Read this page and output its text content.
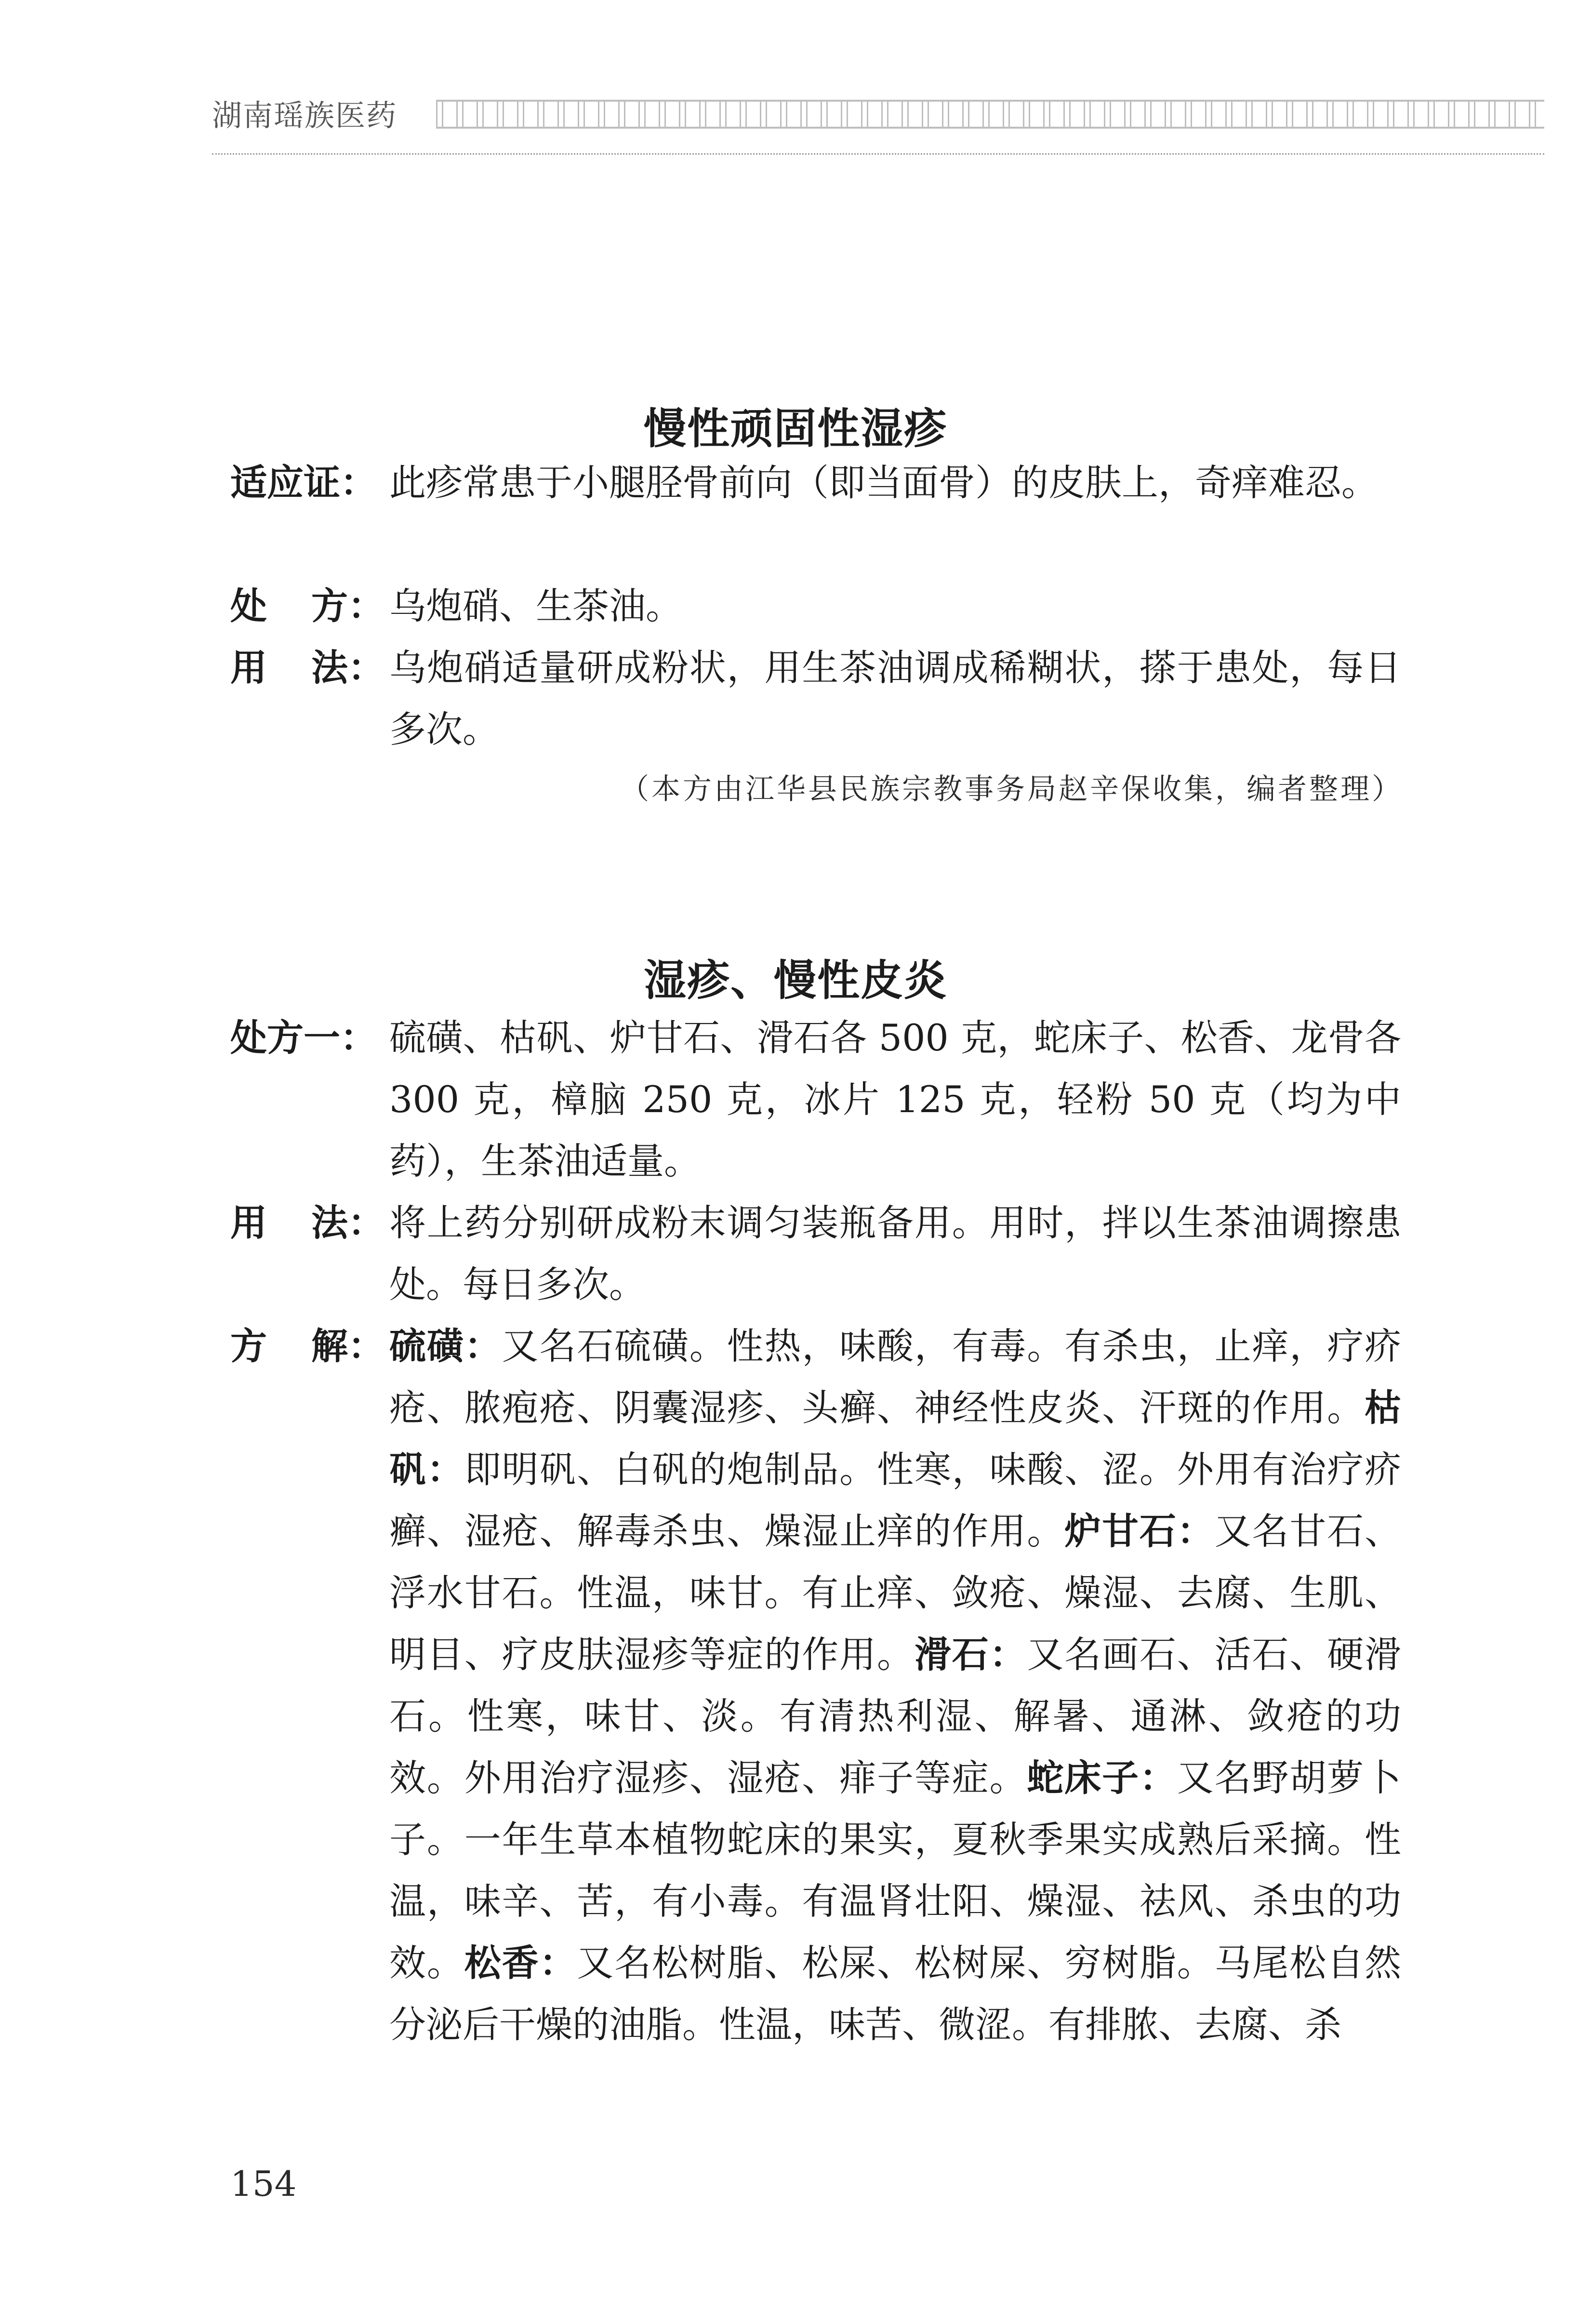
湖南瑶族医药
慢性顽固性湿疹
适应证： 此疹常患于小腿胫骨前向（即当面骨）的皮肤上，奇痒难忍。
处	方： 乌炮硝、生茶油。
用	法： 乌炮硝适量研成粉状，用生茶油调成稀糊状，搽于患处，每日多次。
（本方由江华县民族宗教事务局赵辛保收集，编者整理）
湿疹、慢性皮炎
处方一： 硫磺、枯矾、炉甘石、滑石各 500 克，蛇床子、松香、龙骨各 300 克，樟脑 250 克，冰片 125 克，轻粉 50 克（均为中药），生茶油适量。
用	法： 将上药分别研成粉末调匀装瓶备用。用时，拌以生茶油调擦患处。每日多次。
方	解： 硫磺：又名石硫磺。性热，味酸，有毒。有杀虫，止痒，疗疥疮、脓疱疮、阴囊湿疹、头癣、神经性皮炎、汗斑的作用。枯矾：即明矾、白矾的炮制品。性寒，味酸、涩。外用有治疗疥癣、湿疮、解毒杀虫、燥湿止痒的作用。炉甘石：又名甘石、浮水甘石。性温，味甘。有止痒、敛疮、燥湿、去腐、生肌、明目、疗皮肤湿疹等症的作用。滑石：又名画石、活石、硬滑石。性寒，味甘、淡。有清热利湿、解暑、通淋、敛疮的功效。外用治疗湿疹、湿疮、痱子等症。蛇床子：又名野胡萝卜子。一年生草本植物蛇床的果实，夏秋季果实成熟后采摘。性温，味辛、苦，有小毒。有温肾壮阳、燥湿、祛风、杀虫的功效。松香：又名松树脂、松屎、松树屎、穷树脂。马尾松自然分泌后干燥的油脂。性温，味苦、微涩。有排脓、去腐、杀
154
